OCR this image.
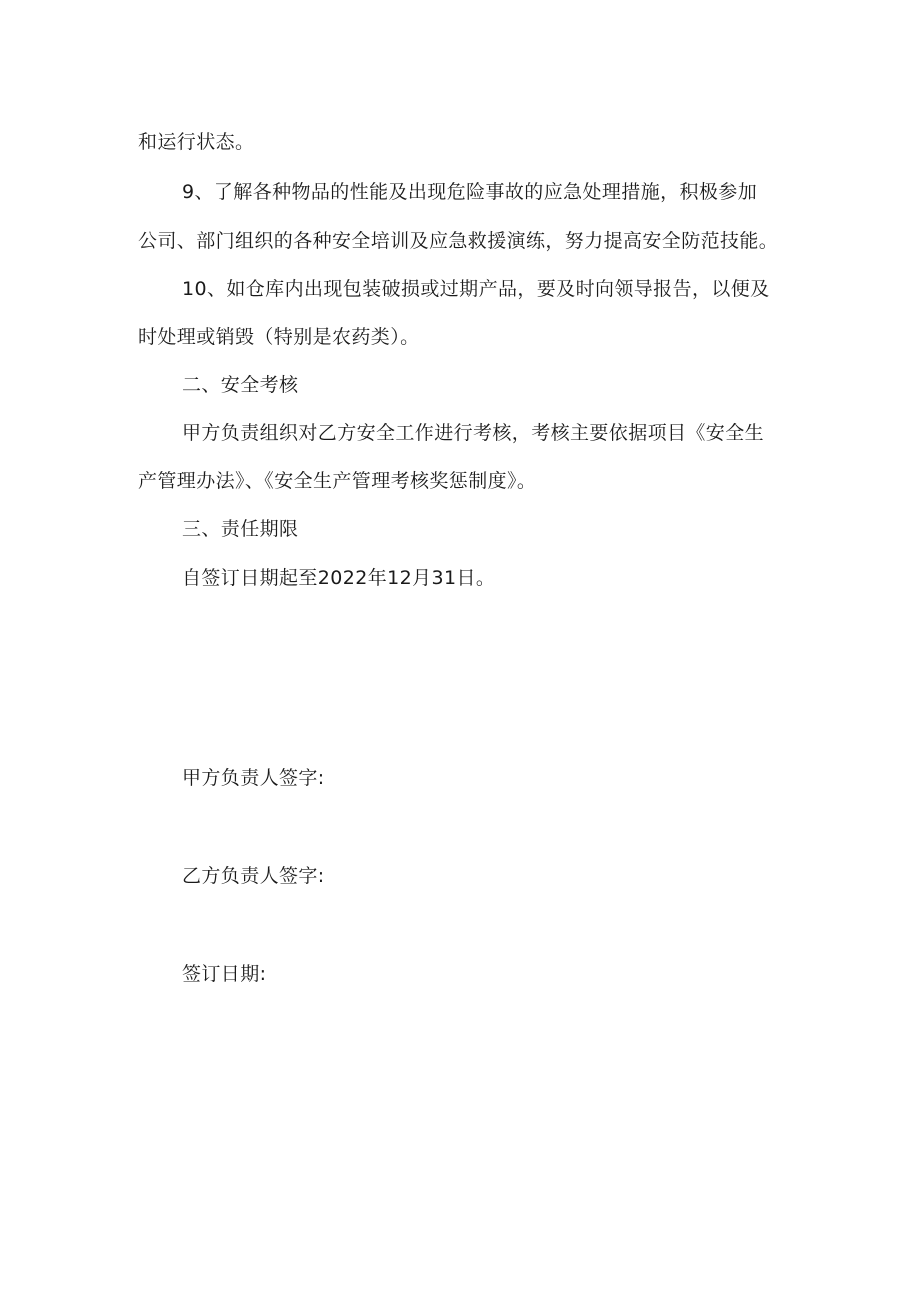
和运行状态。
9、了解各种物品的性能及出现危险事故的应急处理措施，积极参加
公司、部门组织的各种安全培训及应急救援演练，努力提高安全防范技能。
10、如仓库内出现包装破损或过期产品，要及时向领导报告，以便及
时处理或销毁（特别是农药类）。
二、安全考核
甲方负责组织对乙方安全工作进行考核，考核主要依据项目《安全生
产管理办法》、《安全生产管理考核奖惩制度》。
三、责任期限
自签订日期起至2022年12月31日。
甲方负责人签字:
乙方负责人签字:
签订日期:
